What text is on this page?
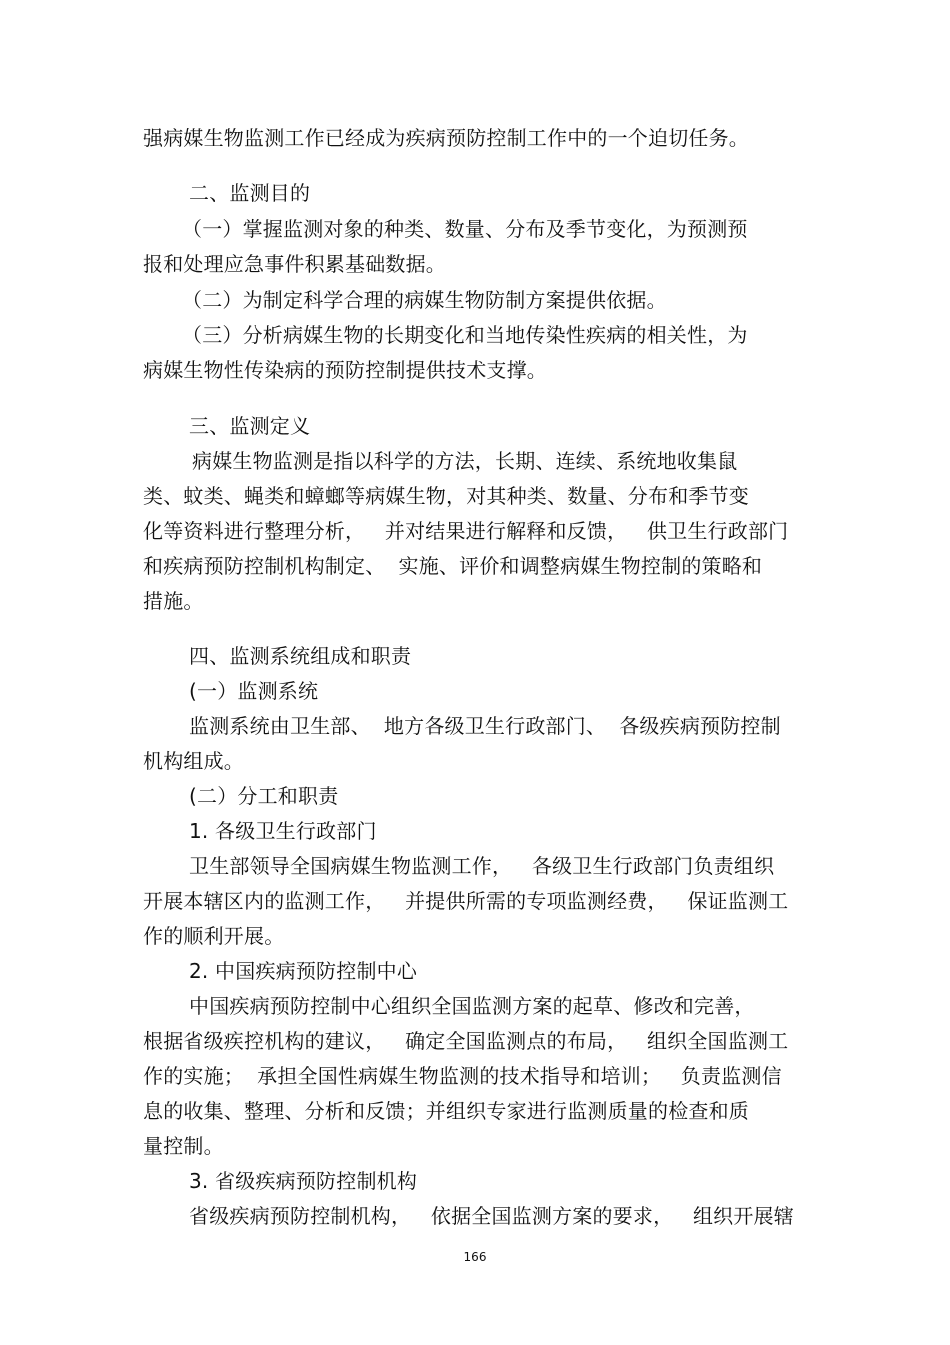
强病媒生物监测工作已经成为疾病预防控制工作中的一个迫切任务。
二、监测目的
（一）掌握监测对象的种类、数量、分布及季节变化，为预测预
报和处理应急事件积累基础数据。
（二）为制定科学合理的病媒生物防制方案提供依据。
（三）分析病媒生物的长期变化和当地传染性疾病的相关性，为
病媒生物性传染病的预防控制提供技术支撑。
三、监测定义
病媒生物监测是指以科学的方法，长期、连续、系统地收集鼠
类、蚊类、蝇类和蟑螂等病媒生物，对其种类、数量、分布和季节变
化等资料进行整理分析，   并对结果进行解释和反馈，   供卫生行政部门
和疾病预防控制机构制定、  实施、评价和调整病媒生物控制的策略和
措施。
四、监测系统组成和职责
(一）监测系统
监测系统由卫生部、  地方各级卫生行政部门、  各级疾病预防控制
机构组成。
(二）分工和职责
1. 各级卫生行政部门
卫生部领导全国病媒生物监测工作，   各级卫生行政部门负责组织
开展本辖区内的监测工作，   并提供所需的专项监测经费，   保证监测工
作的顺利开展。
2. 中国疾病预防控制中心
中国疾病预防控制中心组织全国监测方案的起草、修改和完善，
根据省级疾控机构的建议，   确定全国监测点的布局，   组织全国监测工
作的实施；  承担全国性病媒生物监测的技术指导和培训；   负责监测信
息的收集、整理、分析和反馈；并组织专家进行监测质量的检查和质
量控制。
3. 省级疾病预防控制机构
省级疾病预防控制机构，   依据全国监测方案的要求，   组织开展辖
166
